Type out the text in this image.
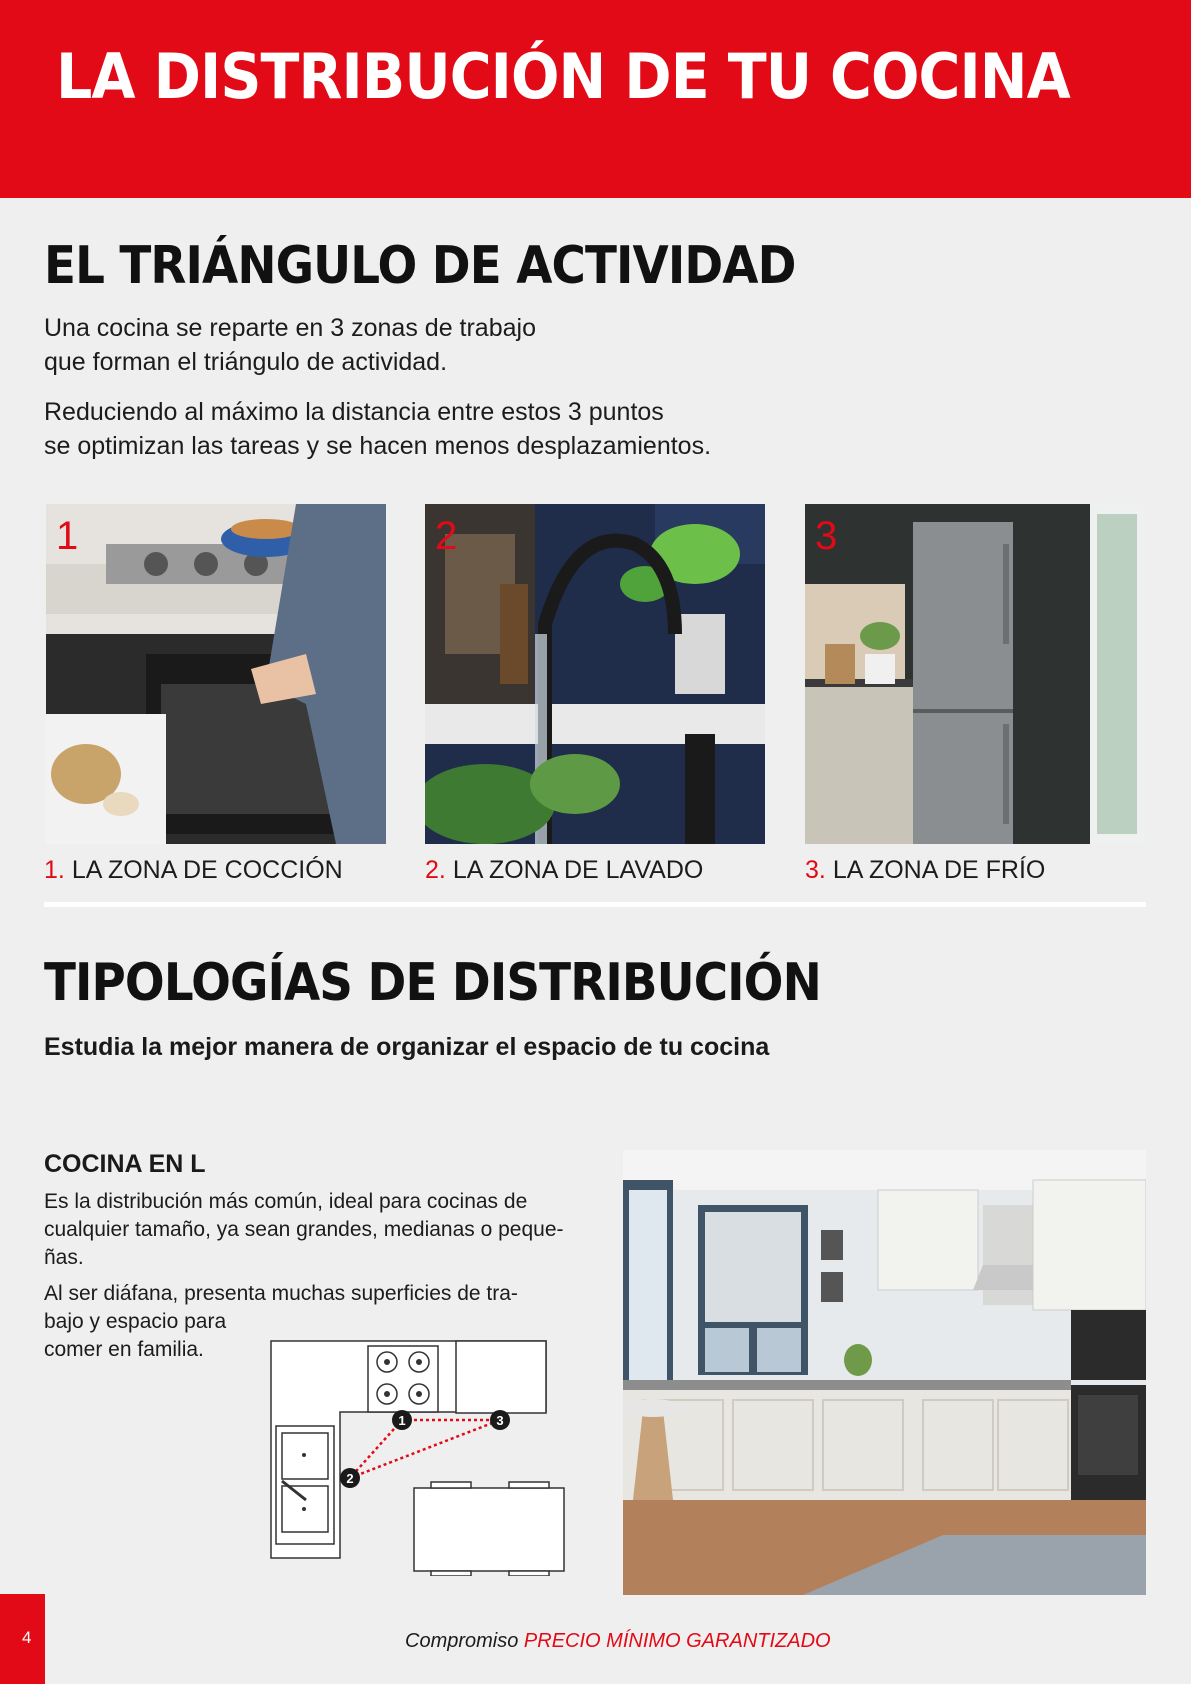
LA DISTRIBUCIÓN DE TU COCINA
EL TRIÁNGULO DE ACTIVIDAD

Una cocina se reparte en 3 zonas de trabajo
que forman el triángulo de actividad.

Reduciendo al máximo la distancia entre estos 3 puntos
se optimizan las tareas y se hacen menos desplazamientos.

1	2	3
1. LA ZONA DE COCCIÓN	2. LA ZONA DE LAVADO	3. LA ZONA DE FRÍO
TIPOLOGÍAS DE DISTRIBUCIÓN

Estudia la mejor manera de organizar el espacio de tu cocina

COCINA EN L

Es la distribución más común, ideal para cocinas de
cualquier tamaño, ya sean grandes, medianas o peque-
ñas.

Al ser diáfana, presenta muchas superficies de tra-
bajo y espacio para
comer en familia.

1
2
3
4	Compromiso PRECIO MÍNIMO GARANTIZADO
